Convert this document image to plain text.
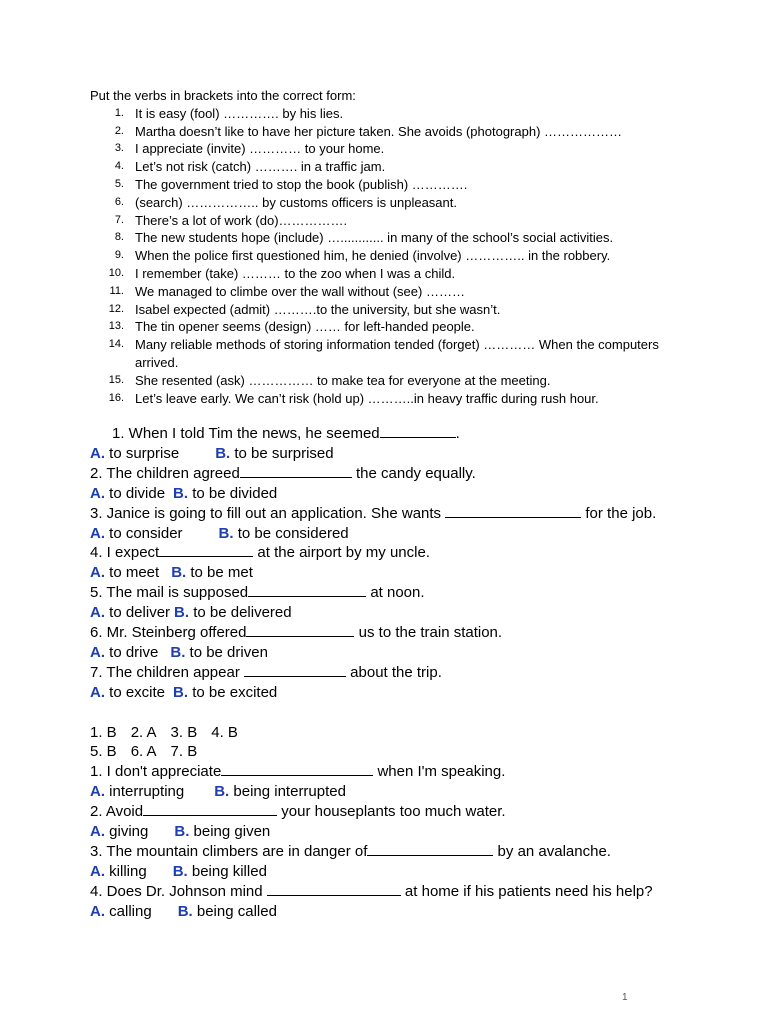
Put the verbs in brackets into the correct form:

1. It is easy (fool) …………. by his lies.
2. Martha doesn’t like to have her picture taken. She avoids (photograph) ………………
3. I appreciate (invite) ………… to your home.
4. Let’s not risk (catch) ………. in a traffic jam.
5. The government tried to stop the book (publish) ………….
6. (search) …………….. by customs officers is unpleasant.
7. There’s a lot of work (do)…………….
8. The new students hope (include) …............ in many of the school’s social activities.
9. When the police first questioned him, he denied (involve) ………….. in the robbery.
10. I remember (take) ……… to the zoo when I was a child.
11. We managed to climbe over the wall without (see) ………
12. Isabel expected (admit) ……….to the university, but she wasn’t.
13. The tin opener seems (design) …… for left-handed people.
14. Many reliable methods of storing information tended (forget) ………… When the computers arrived.
15. She resented (ask) …………… to make tea for everyone at the meeting.
16. Let’s leave early. We can’t risk (hold up) ………..in heavy traffic during rush hour.
1. When I told Tim the news, he seemed	.
A. to surprise B. to be surprised
2. The children agreed	the candy equally.
A. to divide B. to be divided
3. Janice is going to fill out an application. She wants	for the job.
A. to consider B. to be considered
4. I expect	at the airport by my uncle.
A. to meet B. to be met
5. The mail is supposed	at noon.
A. to deliver B. to be delivered
6. Mr. Steinberg offered	us to the train station.
A. to drive B. to be driven
7. The children appear	about the trip.
A. to excite B. to be excited
1. B 2. A 3. B 4. B
5. B 6. A 7. B
1. I don't appreciate	when I'm speaking.
A. interrupting B. being interrupted
2. Avoid	your houseplants too much water.
A. giving B. being given
3. The mountain climbers are in danger of	by an avalanche.
A. killing B. being killed
4. Does Dr. Johnson mind	at home if his patients need his help?
A. calling B. being called
1
